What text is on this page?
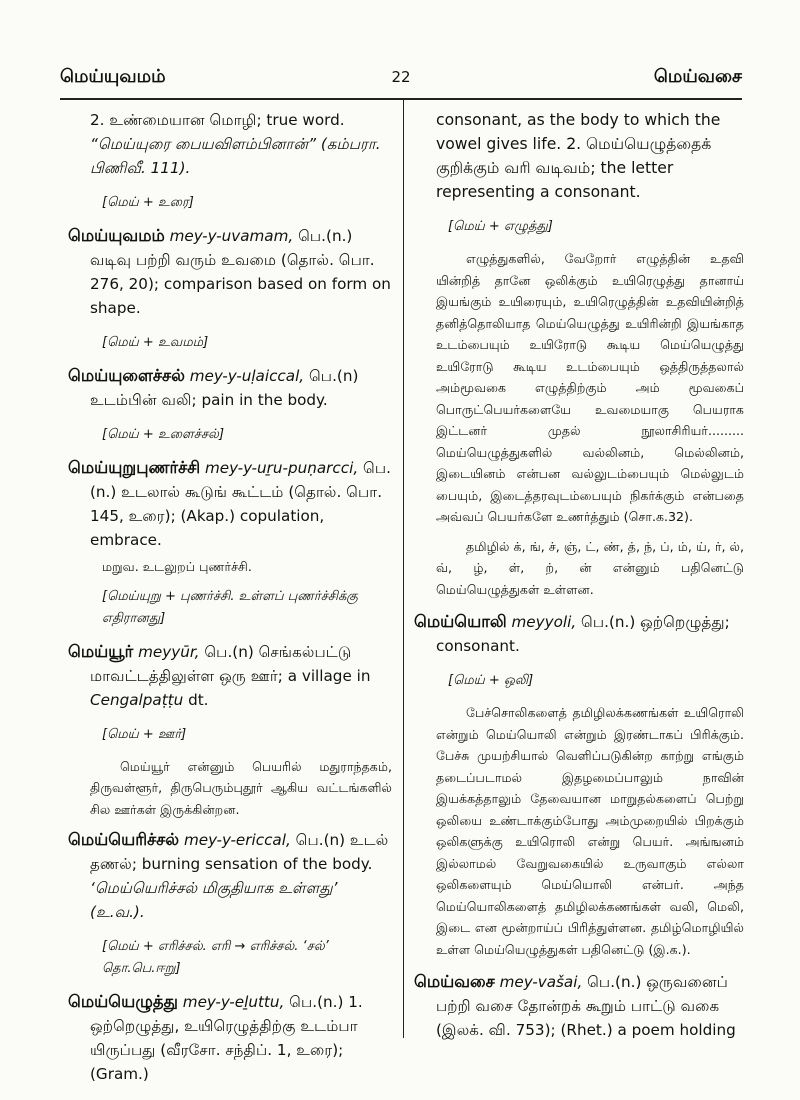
மெய்யுவமம்	22	மெய்வசை
2. உண்மையான மொழி; true word. “மெய்யுரை பையவிளம்பினான்” (கம்பரா. பிணிவீ. 111).

[மெய் + உரை]

மெய்யுவமம் mey-y-uvamam, பெ.(n.) வடிவு பற்றி வரும் உவமை (தொல். பொ. 276, 20); comparison based on form on shape.

[மெய் + உவமம்]

மெய்யுளைச்சல் mey-y-uḷaiccal, பெ.(n) உடம்பின் வலி; pain in the body.

[மெய் + உளைச்சல்]

மெய்யுறுபுணர்ச்சி mey-y-uṟu-puṇarcci, பெ.(n.) உடலால் கூடுங் கூட்டம் (தொல். பொ. 145, உரை); (Akap.) copulation, embrace.

மறுவ. உடலுறப் புணர்ச்சி.

[மெய்யுறு + புணர்ச்சி. உள்ளப் புணர்ச்சிக்கு எதிரானது]

மெய்யூர் meyyūr, பெ.(n) செங்கல்பட்டு மாவட்டத்திலுள்ள ஒரு ஊர்; a village in Cengalpaṭṭu dt.

[மெய் + ஊர்]

மெய்யூர் என்னும் பெயரில் மதுராந்தகம், திருவள்ளூர், திருபெரும்புதூர் ஆகிய வட்டங்களில் சில ஊர்கள் இருக்கின்றன.

மெய்யெரிச்சல் mey-y-ericcal, பெ.(n) உடல் தணல்; burning sensation of the body. ‘மெய்யெரிச்சல் மிகுதியாக உள்ளது’ (உ.வ.).

[மெய் + எரிச்சல். எரி → எரிச்சல். ‘சல்’ தொ.பெ.ஈறு]

மெய்யெழுத்து mey-y-eḻuttu, பெ.(n.) 1. ஒற்றெழுத்து, உயிரெழுத்திற்கு உடம்பா யிருப்பது (வீரசோ. சந்திப். 1, உரை); (Gram.)

consonant, as the body to which the vowel gives life. 2. மெய்யெழுத்தைக் குறிக்கும் வரி வடிவம்; the letter representing a consonant.

[மெய் + எழுத்து]

எழுத்துகளில், வேறோர் எழுத்தின் உதவி யின்றித் தானே ஒலிக்கும் உயிரெழுத்து தானாய் இயங்கும் உயிரையும், உயிரெழுத்தின் உதவியின்றித் தனித்தொலியாத மெய்யெழுத்து உயிரின்றி இயங்காத உடம்பையும் உயிரோடு கூடிய மெய்யெழுத்து உயிரோடு கூடிய உடம்பையும் ஒத்திருத்தலால் அம்மூவகை எழுத்திற்கும் அம் மூவகைப் பொருட்பெயர்களையே உவமையாகு பெயராக இட்டனர் முதல் நூலாசிரியர்......... மெய்யெழுத்துகளில் வல்லினம், மெல்லினம், இடையினம் என்பன வல்லுடம்பையும் மெல்லுடம் பையும், இடைத்தரவுடம்பையும் நிகர்க்கும் என்பதை அவ்வப் பெயர்களே உணர்த்தும் (சொ.க.32).

தமிழில் க், ங், ச், ஞ், ட், ண், த், ந், ப், ம், ய், ர், ல், வ், ழ், ள், ற், ன் என்னும் பதினெட்டு மெய்யெழுத்துகள் உள்ளன.

மெய்யொலி meyyoli, பெ.(n.) ஒற்றெழுத்து; consonant.

[மெய் + ஒலி]

பேச்சொலிகளைத் தமிழிலக்கணங்கள் உயிரொலி என்றும் மெய்யொலி என்றும் இரண்டாகப் பிரிக்கும். பேச்சு முயற்சியால் வெளிப்படுகின்ற காற்று எங்கும் தடைப்படாமல் இதழமைப்பாலும் நாவின் இயக்கத்தாலும் தேவையான மாறுதல்களைப் பெற்று ஒலியை உண்டாக்கும்போது அம்முறையில் பிறக்கும் ஒலிகளுக்கு உயிரொலி என்று பெயர். அங்ஙனம் இல்லாமல் வேறுவகையில் உருவாகும் எல்லா ஒலிகளையும் மெய்யொலி என்பர். அந்த மெய்யொலிகளைத் தமிழிலக்கணங்கள் வலி, மெலி, இடை என மூன்றாய்ப் பிரித்துள்ளன. தமிழ்மொழியில் உள்ள மெய்யெழுத்துகள் பதினெட்டு (இ.க.).

மெய்வசை mey-vašai, பெ.(n.) ஒருவனைப் பற்றி வசை தோன்றக் கூறும் பாட்டு வகை (இலக். வி. 753); (Rhet.) a poem holding
